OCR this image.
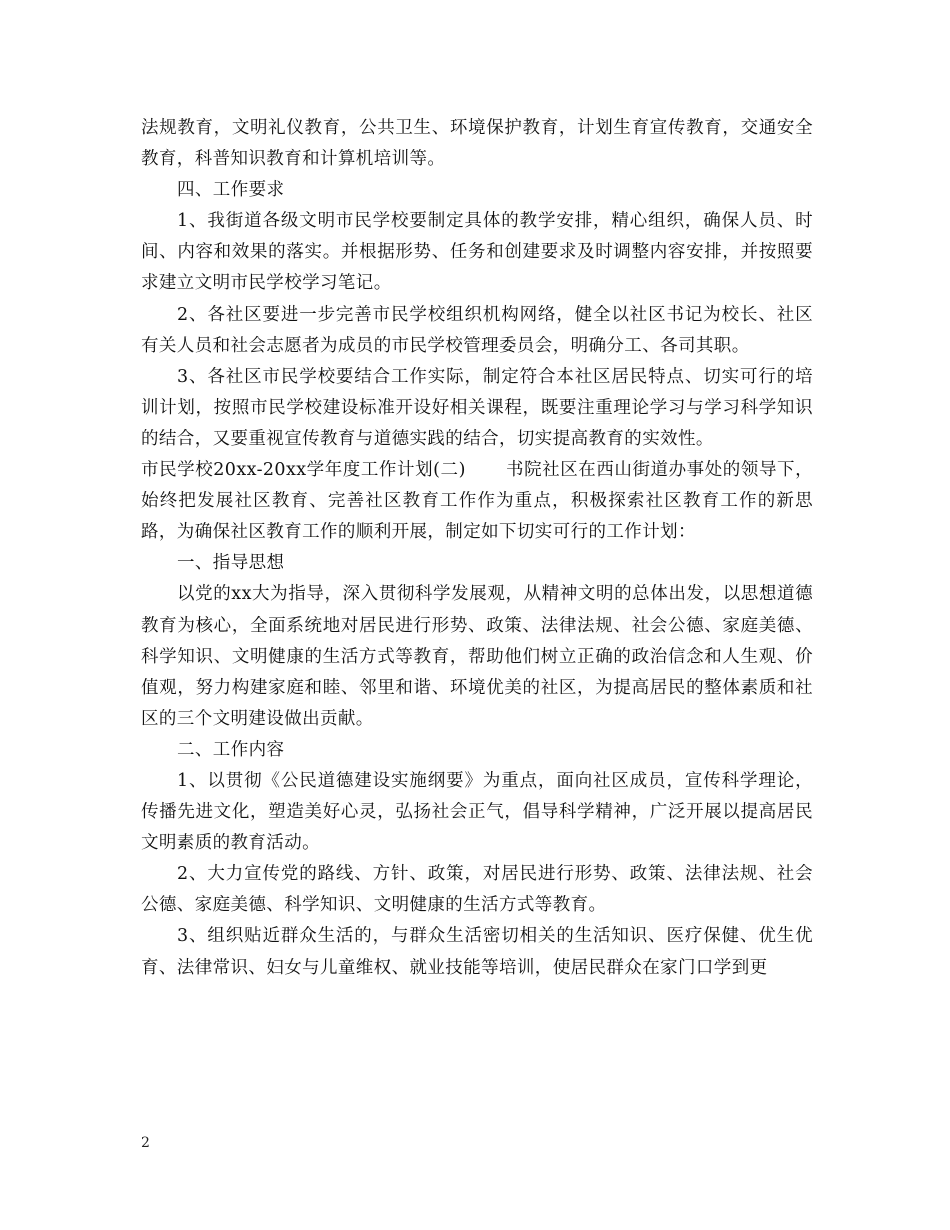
法规教育，文明礼仪教育，公共卫生、环境保护教育，计划生育宣传教育，交通安全教育，科普知识教育和计算机培训等。

四、工作要求

1、我街道各级文明市民学校要制定具体的教学安排，精心组织，确保人员、时间、内容和效果的落实。并根据形势、任务和创建要求及时调整内容安排，并按照要求建立文明市民学校学习笔记。

2、各社区要进一步完善市民学校组织机构网络，健全以社区书记为校长、社区有关人员和社会志愿者为成员的市民学校管理委员会，明确分工、各司其职。

3、各社区市民学校要结合工作实际，制定符合本社区居民特点、切实可行的培训计划，按照市民学校建设标准开设好相关课程，既要注重理论学习与学习科学知识的结合，又要重视宣传教育与道德实践的结合，切实提高教育的实效性。

市民学校20xx-20xx学年度工作计划(二) 书院社区在西山街道办事处的领导下，始终把发展社区教育、完善社区教育工作作为重点，积极探索社区教育工作的新思路，为确保社区教育工作的顺利开展，制定如下切实可行的工作计划：

一、指导思想

以党的xx大为指导，深入贯彻科学发展观，从精神文明的总体出发，以思想道德教育为核心，全面系统地对居民进行形势、政策、法律法规、社会公德、家庭美德、科学知识、文明健康的生活方式等教育，帮助他们树立正确的政治信念和人生观、价值观，努力构建家庭和睦、邻里和谐、环境优美的社区，为提高居民的整体素质和社区的三个文明建设做出贡献。

二、工作内容

1、以贯彻《公民道德建设实施纲要》为重点，面向社区成员，宣传科学理论，传播先进文化，塑造美好心灵，弘扬社会正气，倡导科学精神，广泛开展以提高居民文明素质的教育活动。

2、大力宣传党的路线、方针、政策，对居民进行形势、政策、法律法规、社会公德、家庭美德、科学知识、文明健康的生活方式等教育。

3、组织贴近群众生活的，与群众生活密切相关的生活知识、医疗保健、优生优育、法律常识、妇女与儿童维权、就业技能等培训，使居民群众在家门口学到更

2
